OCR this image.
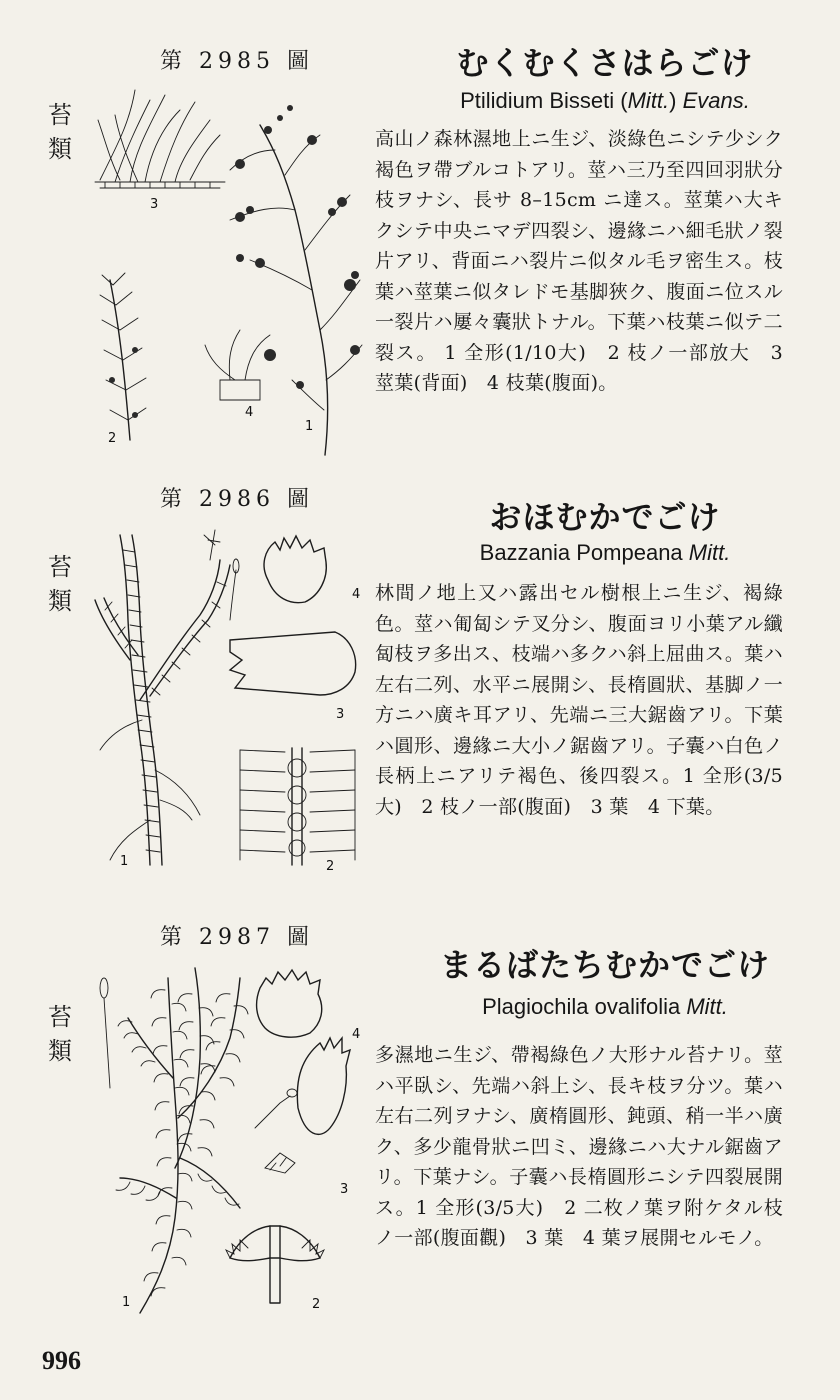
第 2985 圖
苔類
3
1
2
4
むくむくさはらごけ
Ptilidium Bisseti (Mitt.) Evans.
高山ノ森林濕地上ニ生ジ、淡綠色ニシテ少シク褐色ヲ帶ブルコトアリ。莖ハ三乃至四回羽狀分枝ヲナシ、長サ 8–15cm ニ達ス。莖葉ハ大キクシテ中央ニマデ四裂シ、邊緣ニハ細毛狀ノ裂片アリ、背面ニハ裂片ニ似タル毛ヲ密生ス。枝葉ハ莖葉ニ似タレドモ基脚狹ク、腹面ニ位スル一裂片ハ屢々囊狀トナル。下葉ハ枝葉ニ似テ二裂ス。 1 全形(1/10大)　2 枝ノ一部放大　3 莖葉(背面)　4 枝葉(腹面)。
第 2986 圖
苔類	4
3
1	2
おほむかでごけ
Bazzania Pompeana Mitt.
林間ノ地上又ハ露出セル樹根上ニ生ジ、褐綠色。莖ハ匍匐シテ叉分シ、腹面ヨリ小葉アル纖匐枝ヲ多出ス、枝端ハ多クハ斜上屈曲ス。葉ハ左右二列、水平ニ展開シ、長楕圓狀、基脚ノ一方ニハ廣キ耳アリ、先端ニ三大鋸齒アリ。下葉ハ圓形、邊緣ニ大小ノ鋸齒アリ。子囊ハ白色ノ長柄上ニアリテ褐色、後四裂ス。1 全形(3/5大)　2 枝ノ一部(腹面)　3 葉　4 下葉。
第 2987 圖
苔類
4
3
1	2
まるばたちむかでごけ
Plagiochila ovalifolia Mitt.
多濕地ニ生ジ、帶褐綠色ノ大形ナル苔ナリ。莖ハ平臥シ、先端ハ斜上シ、長キ枝ヲ分ツ。葉ハ左右二列ヲナシ、廣楕圓形、鈍頭、稍一半ハ廣ク、多少龍骨狀ニ凹ミ、邊緣ニハ大ナル鋸齒アリ。下葉ナシ。子囊ハ長楕圓形ニシテ四裂展開ス。1 全形(3/5大)　2 二枚ノ葉ヲ附ケタル枝ノ一部(腹面觀)　3 葉　4 葉ヲ展開セルモノ。
996
